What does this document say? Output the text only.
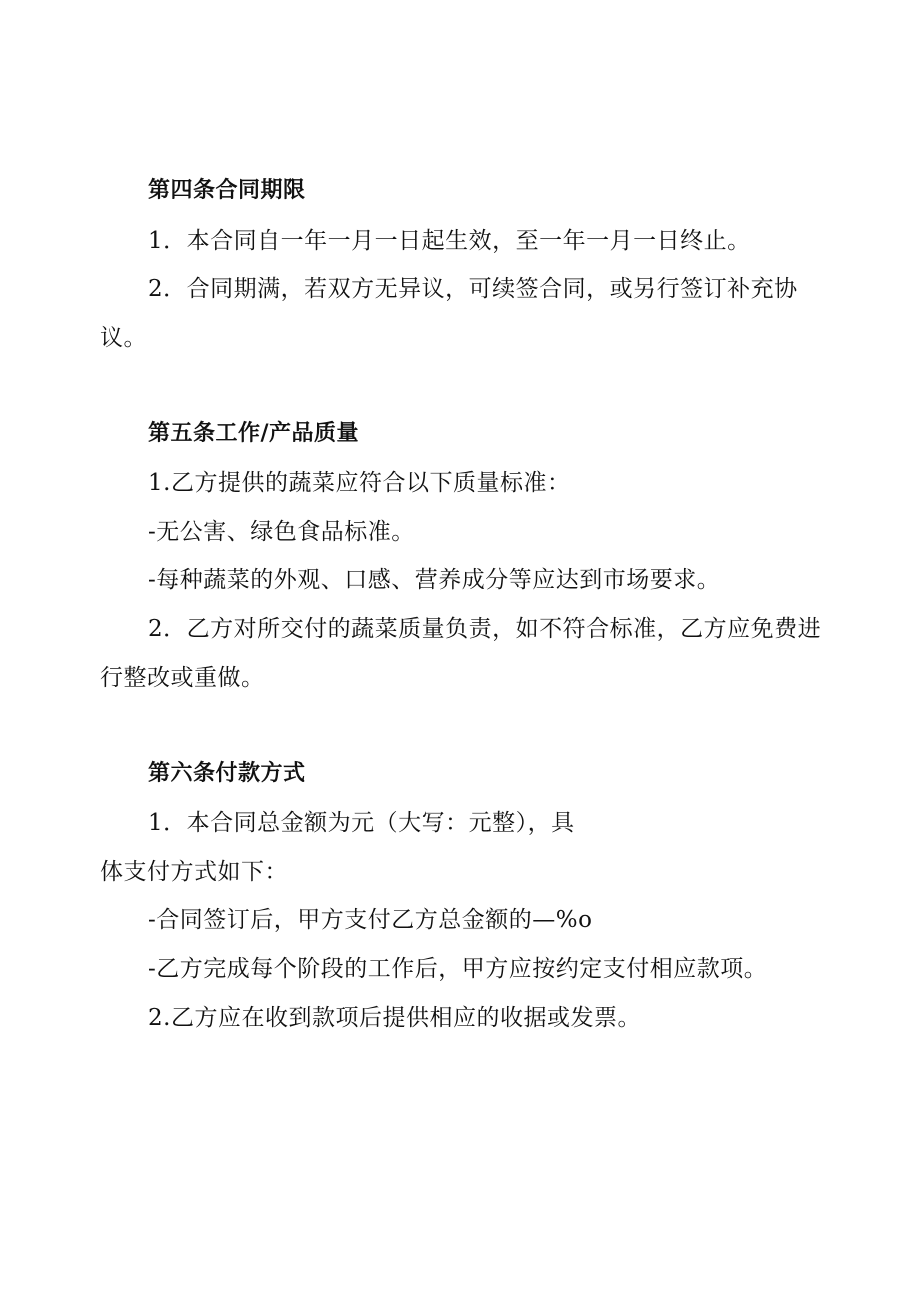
第四条合同期限
1．本合同自一年一月一日起生效，至一年一月一日终止。
2．合同期满，若双方无异议，可续签合同，或另行签订补充协
议。
第五条工作/产品质量
1.乙方提供的蔬菜应符合以下质量标准：
-无公害、绿色食品标准。
-每种蔬菜的外观、口感、营养成分等应达到市场要求。
2．乙方对所交付的蔬菜质量负责，如不符合标准，乙方应免费进
行整改或重做。
第六条付款方式
1．本合同总金额为元（大写：元整），具
体支付方式如下：
-合同签订后，甲方支付乙方总金额的—%o
-乙方完成每个阶段的工作后，甲方应按约定支付相应款项。
2.乙方应在收到款项后提供相应的收据或发票。
